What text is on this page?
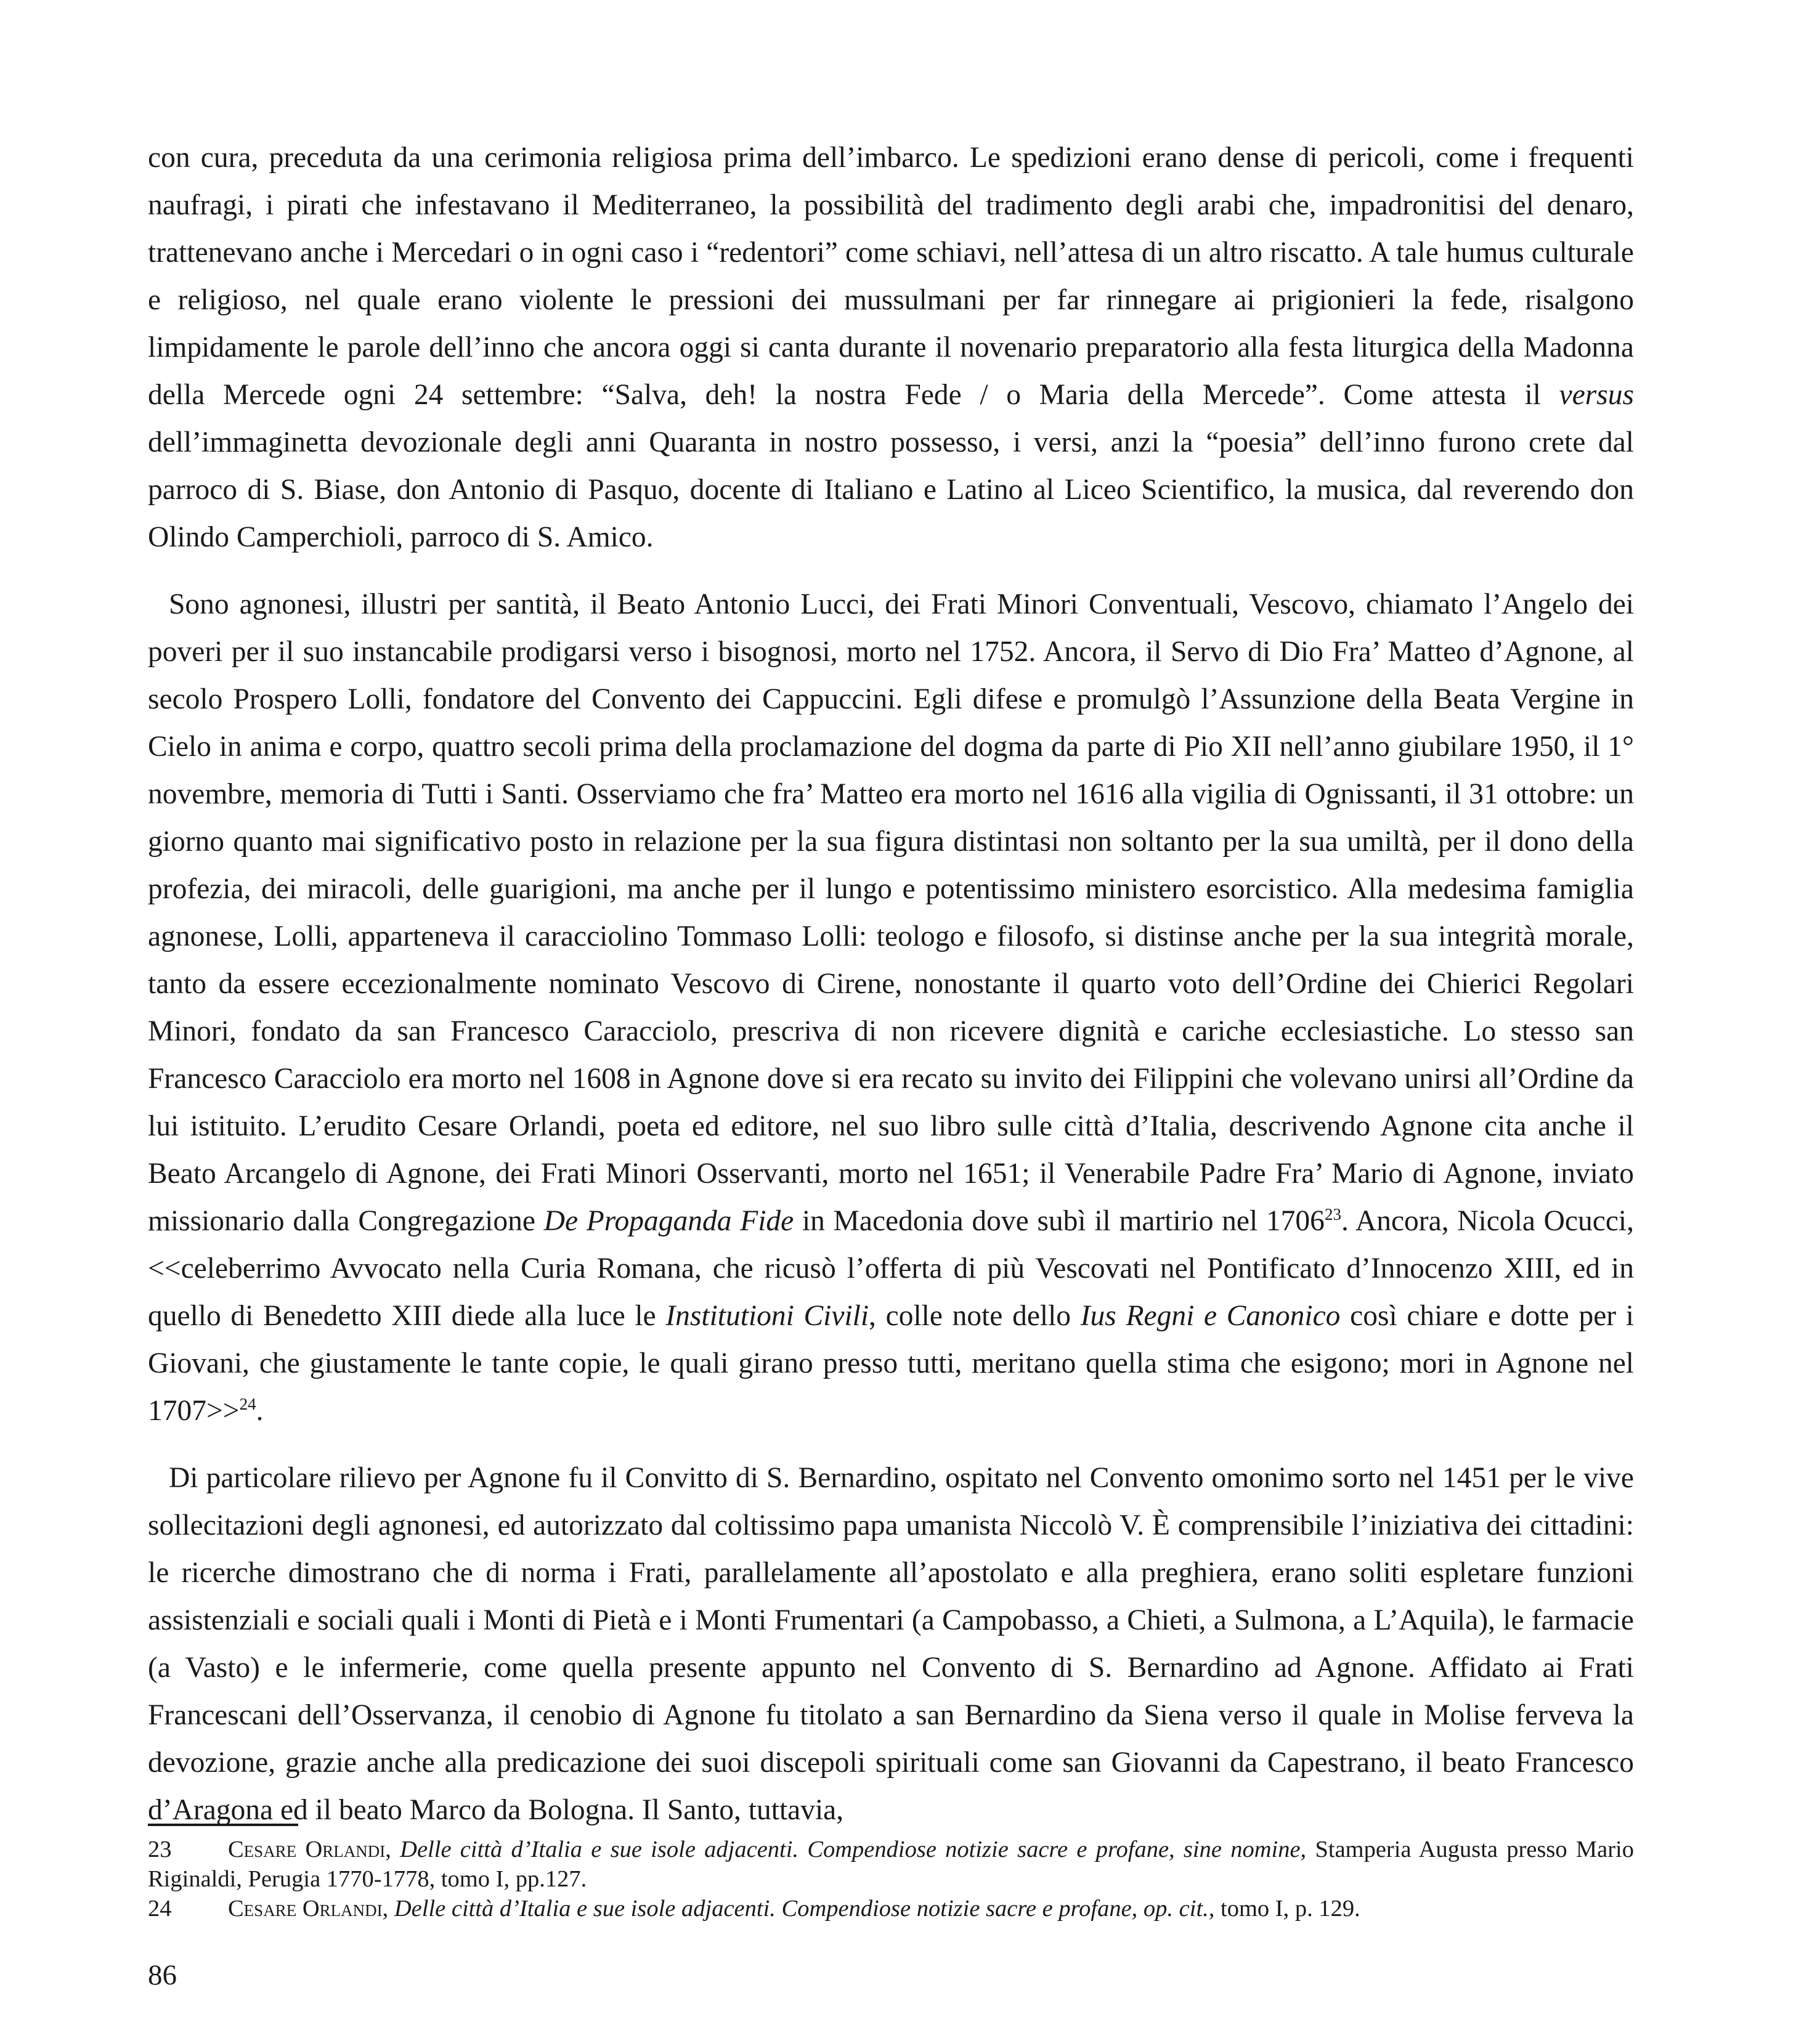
con cura, preceduta da una cerimonia religiosa prima dell’imbarco. Le spedizioni erano dense di pericoli, come i frequenti naufragi, i pirati che infestavano il Mediterraneo, la possibilità del tradimento degli arabi che, impadronitisi del denaro, trattenevano anche i Mercedari o in ogni caso i “redentori” come schiavi, nell’attesa di un altro riscatto. A tale humus culturale e religioso, nel quale erano violente le pressioni dei mussulmani per far rinnegare ai prigionieri la fede, risalgono limpidamente le parole dell’inno che ancora oggi si canta durante il novenario preparatorio alla festa liturgica della Madonna della Mercede ogni 24 settembre: “Salva, deh! la nostra Fede / o Maria della Mercede”. Come attesta il versus dell’immaginetta devozionale degli anni Quaranta in nostro possesso, i versi, anzi la “poesia” dell’inno furono crete dal parroco di S. Biase, don Antonio di Pasquo, docente di Italiano e Latino al Liceo Scientifico, la musica, dal reverendo don Olindo Camperchioli, parroco di S. Amico.

Sono agnonesi, illustri per santità, il Beato Antonio Lucci, dei Frati Minori Conventuali, Vescovo, chiamato l’Angelo dei poveri per il suo instancabile prodigarsi verso i bisognosi, morto nel 1752. Ancora, il Servo di Dio Fra’ Matteo d’Agnone, al secolo Prospero Lolli, fondatore del Convento dei Cappuccini. Egli difese e promulgò l’Assunzione della Beata Vergine in Cielo in anima e corpo, quattro secoli prima della proclamazione del dogma da parte di Pio XII nell’anno giubilare 1950, il 1° novembre, memoria di Tutti i Santi. Osserviamo che fra’ Matteo era morto nel 1616 alla vigilia di Ognissanti, il 31 ottobre: un giorno quanto mai significativo posto in relazione per la sua figura distintasi non soltanto per la sua umiltà, per il dono della profezia, dei miracoli, delle guarigioni, ma anche per il lungo e potentissimo ministero esorcistico. Alla medesima famiglia agnonese, Lolli, apparteneva il caracciolino Tommaso Lolli: teologo e filosofo, si distinse anche per la sua integrità morale, tanto da essere eccezionalmente nominato Vescovo di Cirene, nonostante il quarto voto dell’Ordine dei Chierici Regolari Minori, fondato da san Francesco Caracciolo, prescriva di non ricevere dignità e cariche ecclesiastiche. Lo stesso san Francesco Caracciolo era morto nel 1608 in Agnone dove si era recato su invito dei Filippini che volevano unirsi all’Ordine da lui istituito. L’erudito Cesare Orlandi, poeta ed editore, nel suo libro sulle città d’Italia, descrivendo Agnone cita anche il Beato Arcangelo di Agnone, dei Frati Minori Osservanti, morto nel 1651; il Venerabile Padre Fra’ Mario di Agnone, inviato missionario dalla Congregazione De Propaganda Fide in Macedonia dove subì il martirio nel 1706$^{23}$. Ancora, Nicola Ocucci, <<celeberrimo Avvocato nella Curia Romana, che ricusò l’offerta di più Vescovati nel Pontificato d’Innocenzo XIII, ed in quello di Benedetto XIII diede alla luce le Institutioni Civili, colle note dello Ius Regni e Canonico così chiare e dotte per i Giovani, che giustamente le tante copie, le quali girano presso tutti, meritano quella stima che esigono; mori in Agnone nel 1707>>$^{24}$.

Di particolare rilievo per Agnone fu il Convitto di S. Bernardino, ospitato nel Convento omonimo sorto nel 1451 per le vive sollecitazioni degli agnonesi, ed autorizzato dal coltissimo papa umanista Niccolò V. È comprensibile l’iniziativa dei cittadini: le ricerche dimostrano che di norma i Frati, parallelamente all’apostolato e alla preghiera, erano soliti espletare funzioni assistenziali e sociali quali i Monti di Pietà e i Monti Frumentari (a Campobasso, a Chieti, a Sulmona, a L’Aquila), le farmacie (a Vasto) e le infermerie, come quella presente appunto nel Convento di S. Bernardino ad Agnone. Affidato ai Frati Francescani dell’Osservanza, il cenobio di Agnone fu titolato a san Bernardino da Siena verso il quale in Molise ferveva la devozione, grazie anche alla predicazione dei suoi discepoli spirituali come san Giovanni da Capestrano, il beato Francesco d’Aragona ed il beato Marco da Bologna. Il Santo, tuttavia,

23 Cesare Orlandi, Delle città d’Italia e sue isole adjacenti. Compendiose notizie sacre e profane, sine nomine, Stamperia Augusta presso Mario Riginaldi, Perugia 1770-1778, tomo I, pp.127.

24 Cesare Orlandi, Delle città d’Italia e sue isole adjacenti. Compendiose notizie sacre e profane, op. cit., tomo I, p. 129.

86
